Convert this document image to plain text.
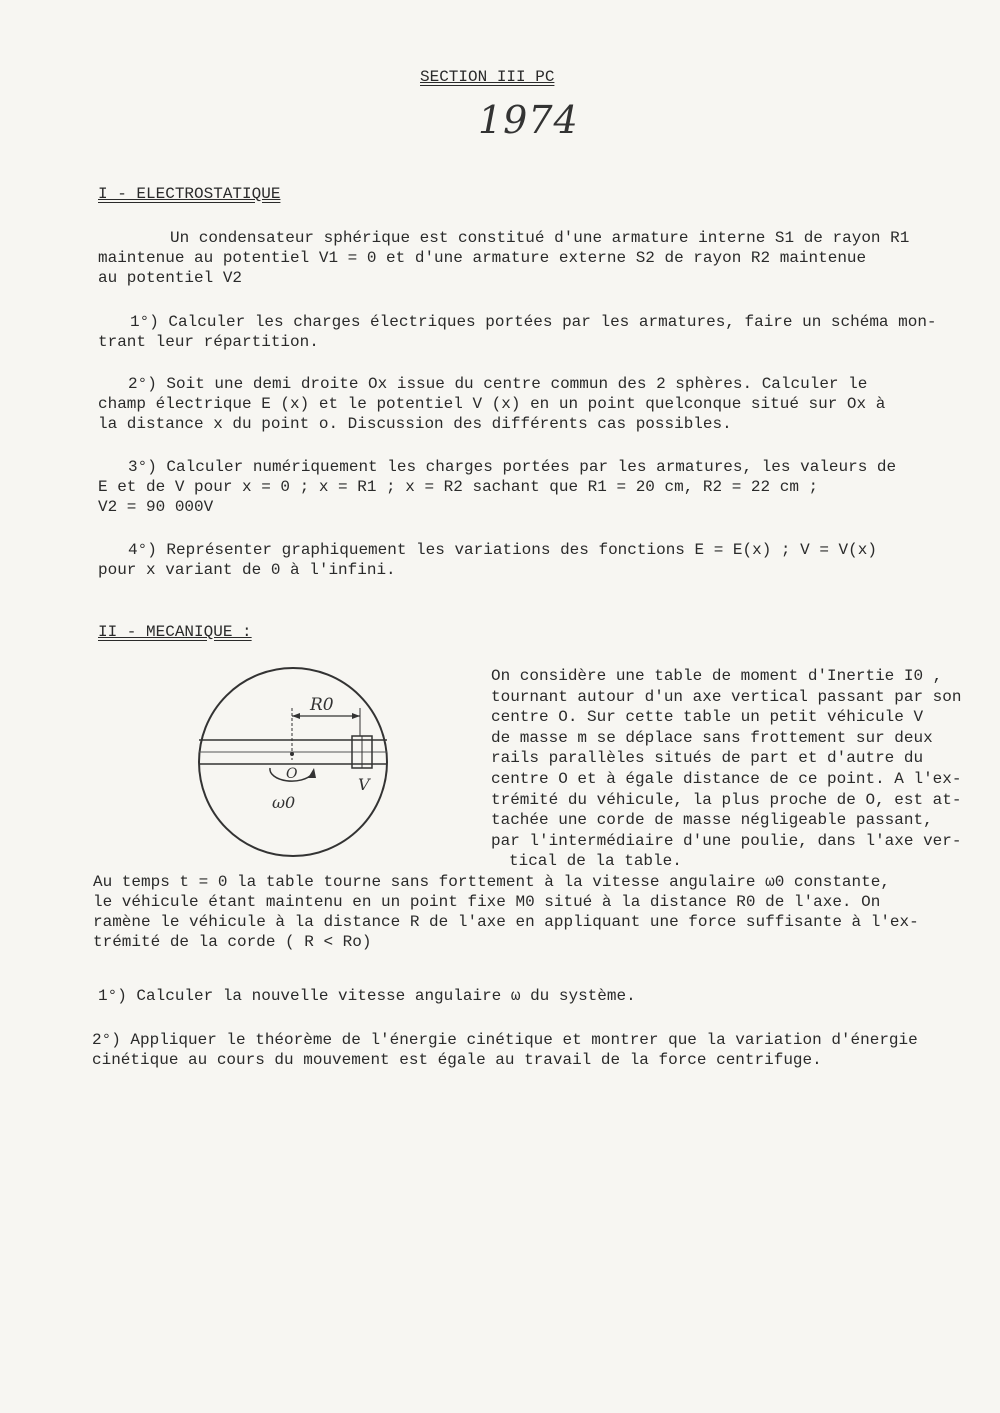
SECTION III PC
1974
I - ELECTROSTATIQUE

Un condensateur sphérique est constitué d'une armature interne S1 de rayon R1

maintenue au potentiel V1 = 0 et d'une armature externe S2 de rayon R2 maintenue

au potentiel V2

1°) Calculer les charges électriques portées par les armatures, faire un schéma mon-

trant leur répartition.

2°) Soit une demi droite Ox issue du centre commun des 2 sphères. Calculer le

champ électrique E (x) et le potentiel V (x) en un point quelconque situé sur Ox à

la distance x du point o. Discussion des différents cas possibles.

3°) Calculer numériquement les charges portées par les armatures, les valeurs de

E et de V pour x = 0 ; x = R1 ; x = R2 sachant que R1 = 20 cm, R2 = 22 cm ;

V2 = 90 000V

4°) Représenter graphiquement les variations des fonctions E = E(x) ; V = V(x)

pour x variant de 0 à l'infini.

II - MECANIQUE :
R0
O
V
ω0

On considère une table de moment d'Inertie I0 ,

tournant autour d'un axe vertical passant par son

centre O. Sur cette table un petit véhicule V

de masse m se déplace sans frottement sur deux

rails parallèles situés de part et d'autre du

centre O et à égale distance de ce point. A l'ex-

trémité du véhicule, la plus proche de O, est at-

tachée une corde de masse négligeable passant,

par l'intermédiaire d'une poulie, dans l'axe ver-

tical de la table.

Au temps t = 0 la table tourne sans forttement à la vitesse angulaire ω0 constante,

le véhicule étant maintenu en un point fixe M0 situé à la distance R0 de l'axe. On

ramène le véhicule à la distance R de l'axe en appliquant une force suffisante à l'ex-

trémité de la corde ( R < Ro)

1°) Calculer la nouvelle vitesse angulaire ω du système.

2°) Appliquer le théorème de l'énergie cinétique et montrer que la variation d'énergie

cinétique au cours du mouvement est égale au travail de la force centrifuge.
